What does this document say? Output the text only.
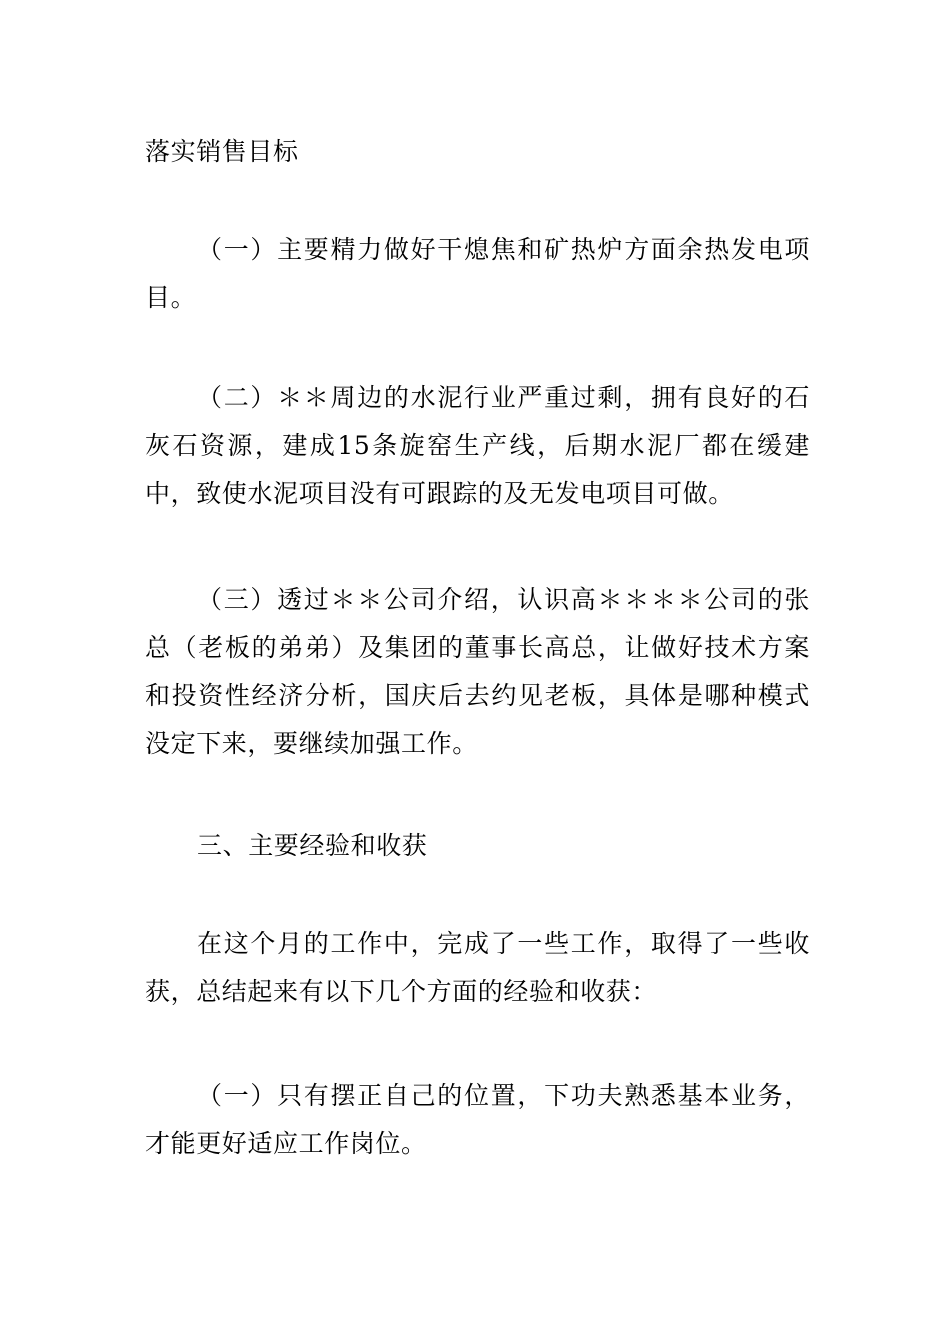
落实销售目标

（一）主要精力做好干熄焦和矿热炉方面余热发电项目。

（二）＊＊周边的水泥行业严重过剩，拥有良好的石灰石资源，建成15条旋窑生产线，后期水泥厂都在缓建中，致使水泥项目没有可跟踪的及无发电项目可做。

（三）透过＊＊公司介绍，认识高＊＊＊＊公司的张总（老板的弟弟）及集团的董事长高总，让做好技术方案和投资性经济分析，国庆后去约见老板，具体是哪种模式没定下来，要继续加强工作。

三、主要经验和收获

在这个月的工作中，完成了一些工作，取得了一些收获，总结起来有以下几个方面的经验和收获：

（一）只有摆正自己的位置，下功夫熟悉基本业务，才能更好适应工作岗位。
